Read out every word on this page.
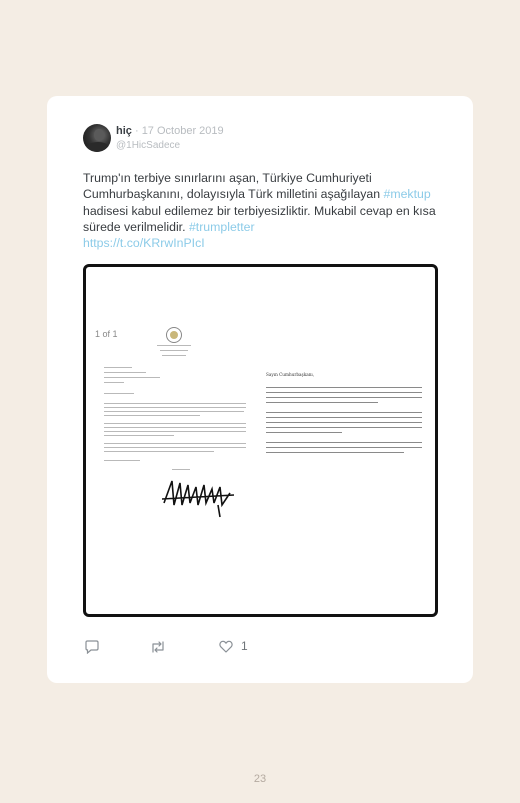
hiç · 17 October 2019
@1HicSadece
Trump'ın terbiye sınırlarını aşan, Türkiye Cumhuriyeti Cumhurbaşkanını, dolayısıyla Türk milletini aşağılayan #mektup hadisesi kabul edilemez bir terbiyesizliktir. Mukabil cevap en kısa sürede verilmelidir. #trumpletter
https://t.co/KRrwInPIcI
1 of 1
Sayın Cumhurbaşkanı,
1
23
